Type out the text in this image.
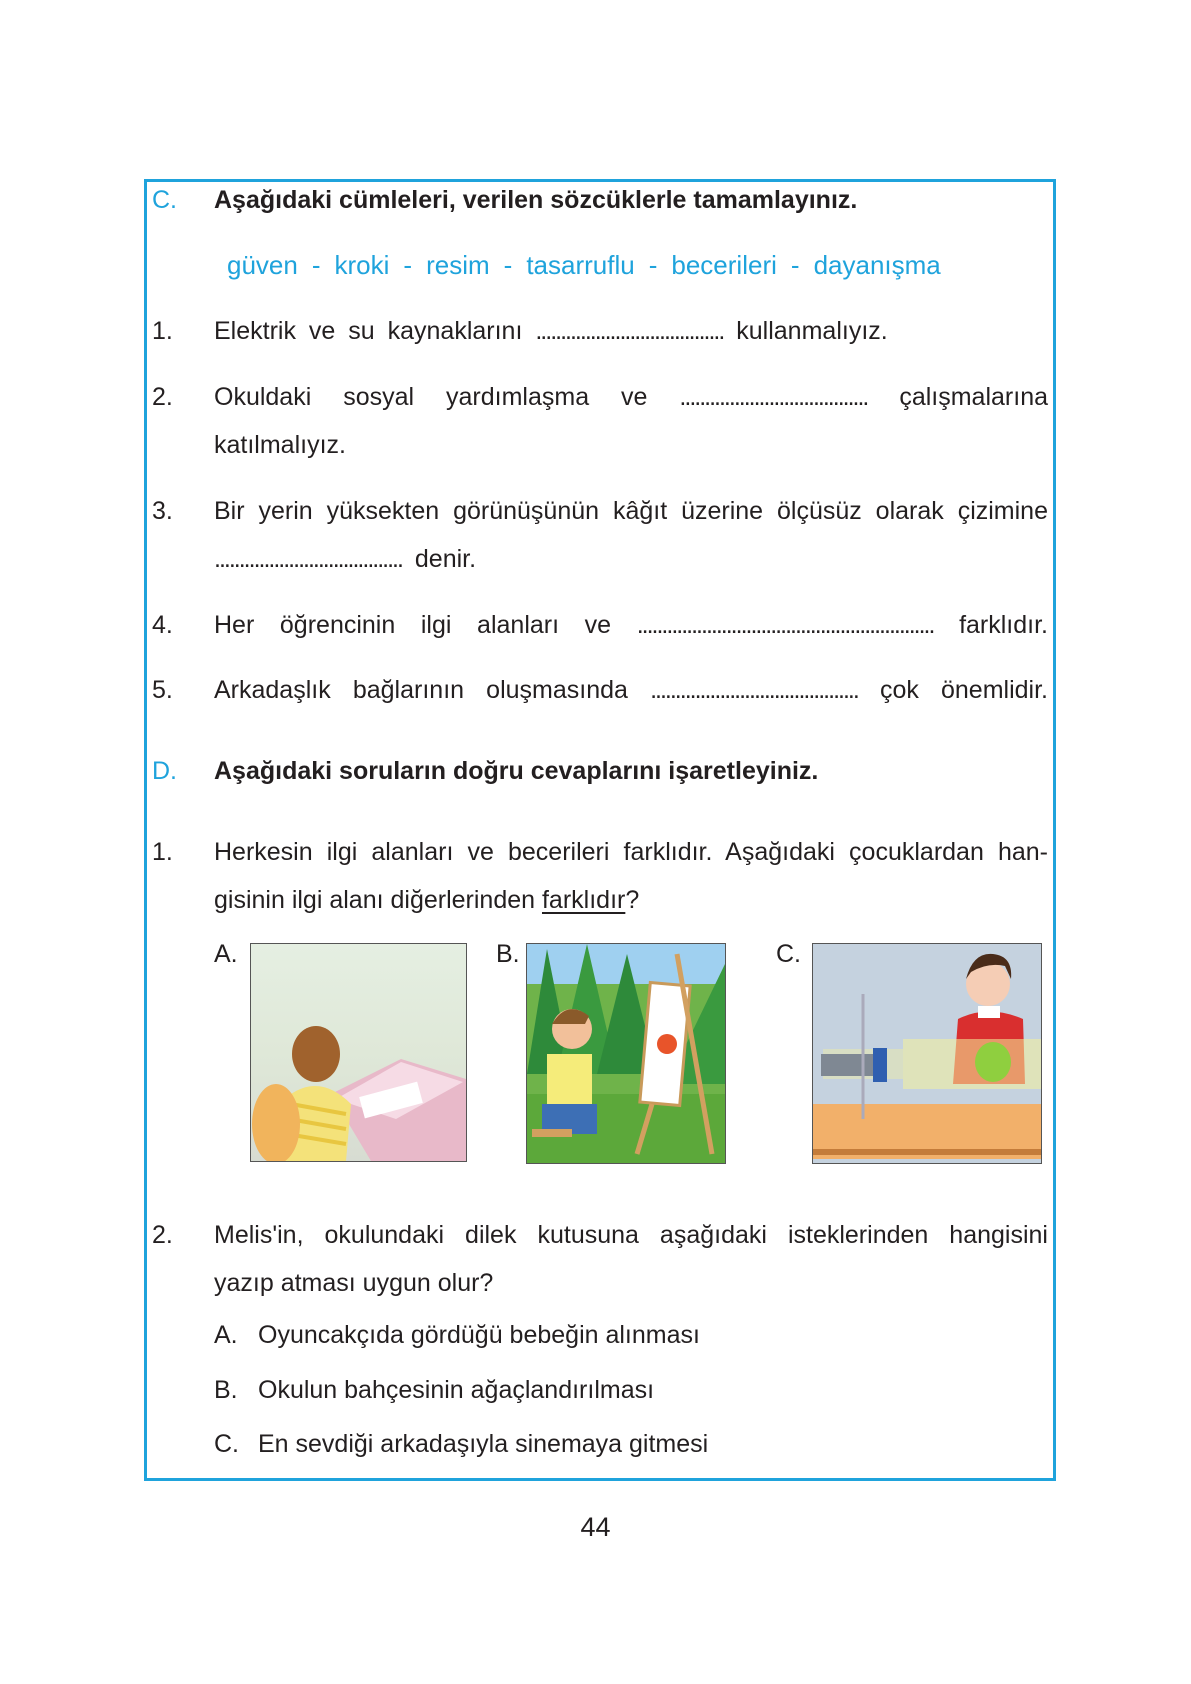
C. Aşağıdaki cümleleri, verilen sözcüklerle tamamlayınız.
güven - kroki - resim - tasarruflu - becerileri - dayanışma
1. Elektrik ve su kaynaklarını ...................................... kullanmalıyız.
2. Okuldaki sosyal yardımlaşma ve ...................................... çalışmalarına
katılmalıyız.
3. Bir yerin yüksekten görünüşünün kâğıt üzerine ölçüsüz olarak çizimine
...................................... denir.
4. Her öğrencinin ilgi alanları ve ............................................................ farklıdır.
5. Arkadaşlık bağlarının oluşmasında .......................................... çok önemlidir.
D. Aşağıdaki soruların doğru cevaplarını işaretleyiniz.
1. Herkesin ilgi alanları ve becerileri farklıdır. Aşağıdaki çocuklardan han-
gisinin ilgi alanı diğerlerinden farklıdır?
A.	B.	C.
2. Melis'in, okulundaki dilek kutusuna aşağıdaki isteklerinden hangisini
yazıp atması uygun olur?
A. Oyuncakçıda gördüğü bebeğin alınması
B. Okulun bahçesinin ağaçlandırılması
C. En sevdiği arkadaşıyla sinemaya gitmesi
44
